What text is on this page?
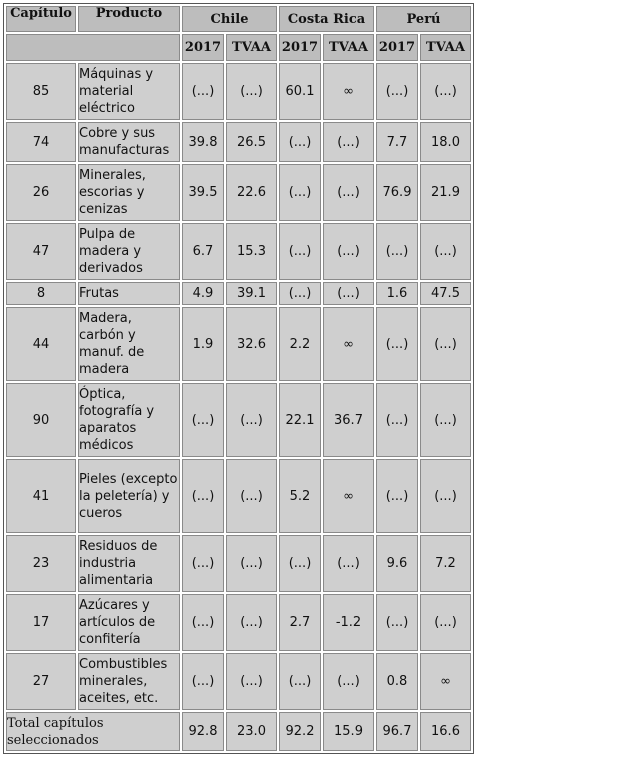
Capítulo	Producto	Chile		Costa Rica		Perú	
		2017	TVAA	2017	TVAA	2017	TVAA
85	Máquinas y material eléctrico	(...)	(...)	60.1	∞	(...)	(...)
74	Cobre y sus manufacturas	39.8	26.5	(...)	(...)	7.7	18.0
26	Minerales, escorias y cenizas	39.5	22.6	(...)	(...)	76.9	21.9
47	Pulpa de madera y derivados	6.7	15.3	(...)	(...)	(...)	(...)
8	Frutas	4.9	39.1	(...)	(...)	1.6	47.5
44	Madera, carbón y manuf. de madera	1.9	32.6	2.2	∞	(...)	(...)
90	Óptica, fotografía y aparatos médicos	(...)	(...)	22.1	36.7	(...)	(...)
41	Pieles (excepto la peletería) y cueros	(...)	(...)	5.2	∞	(...)	(...)
23	Residuos de industria alimentaria	(...)	(...)	(...)	(...)	9.6	7.2
17	Azúcares y artículos de confitería	(...)	(...)	2.7	-1.2	(...)	(...)
27	Combustibles minerales, aceites, etc.	(...)	(...)	(...)	(...)	0.8	∞
Total capítulos seleccionados		92.8	23.0	92.2	15.9	96.7	16.6
